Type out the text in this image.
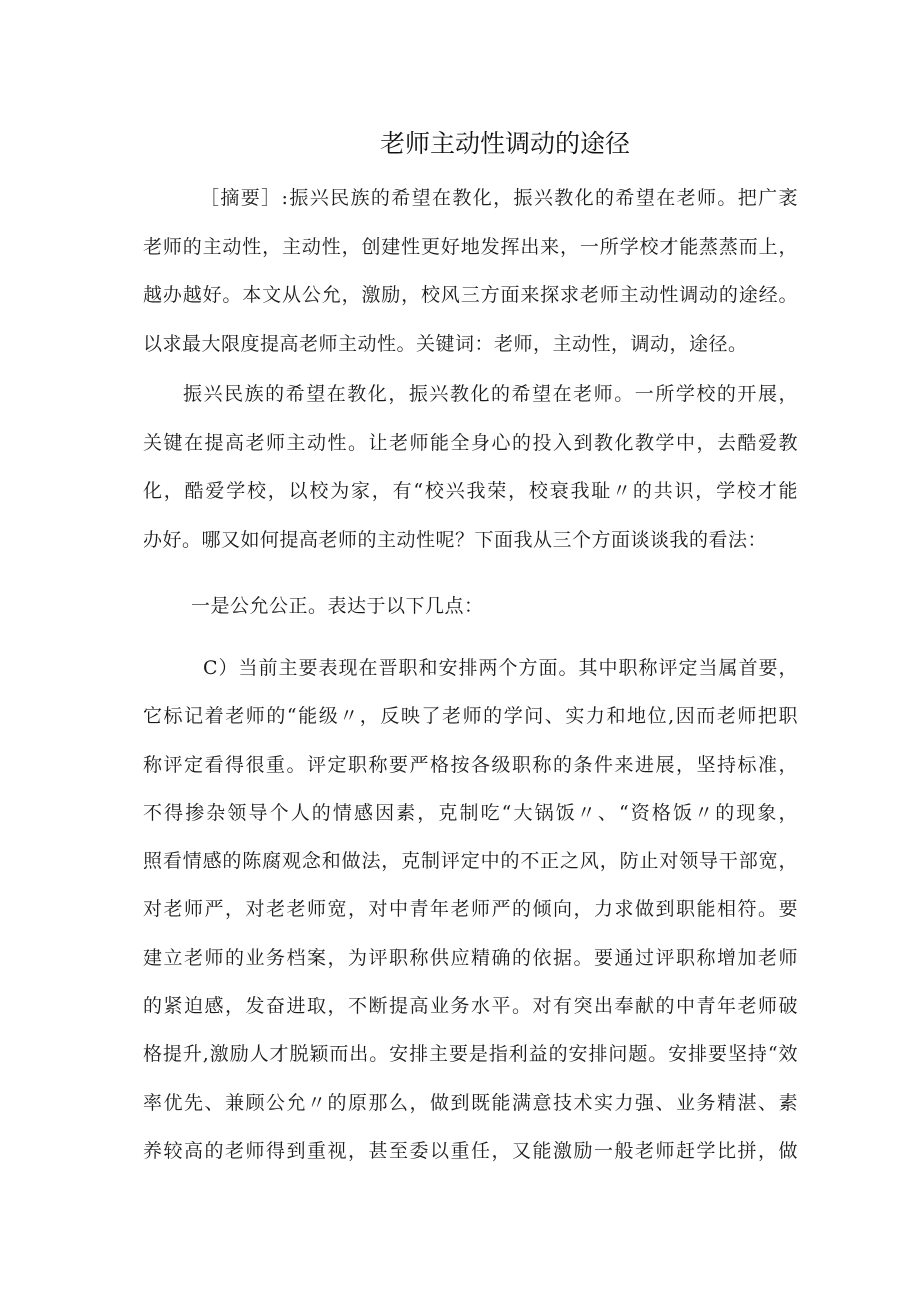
老师主动性调动的途径
［摘要］:振兴民族的希望在教化，振兴教化的希望在老师。把广袤
老师的主动性，主动性，创建性更好地发挥出来，一所学校才能蒸蒸而上，
越办越好。本文从公允，激励，校风三方面来探求老师主动性调动的途经。
以求最大限度提高老师主动性。关键词：老师，主动性，调动，途径。
振兴民族的希望在教化，振兴教化的希望在老师。一所学校的开展，
关键在提高老师主动性。让老师能全身心的投入到教化教学中，去酷爱教
化，酷爱学校，以校为家，有“校兴我荣，校衰我耻〃的共识，学校才能
办好。哪又如何提高老师的主动性呢？下面我从三个方面谈谈我的看法：
一是公允公正。表达于以下几点：
C）当前主要表现在晋职和安排两个方面。其中职称评定当属首要，
它标记着老师的“能级〃，反映了老师的学问、实力和地位,因而老师把职
称评定看得很重。评定职称要严格按各级职称的条件来进展，坚持标准，
不得掺杂领导个人的情感因素，克制吃“大锅饭〃、“资格饭〃的现象，
照看情感的陈腐观念和做法，克制评定中的不正之风，防止对领导干部宽，
对老师严，对老老师宽，对中青年老师严的倾向，力求做到职能相符。要
建立老师的业务档案，为评职称供应精确的依据。要通过评职称增加老师
的紧迫感，发奋进取，不断提高业务水平。对有突出奉献的中青年老师破
格提升,激励人才脱颖而出。安排主要是指利益的安排问题。安排要坚持“效
率优先、兼顾公允〃的原那么，做到既能满意技术实力强、业务精湛、素
养较高的老师得到重视，甚至委以重任，又能激励一般老师赶学比拼，做
